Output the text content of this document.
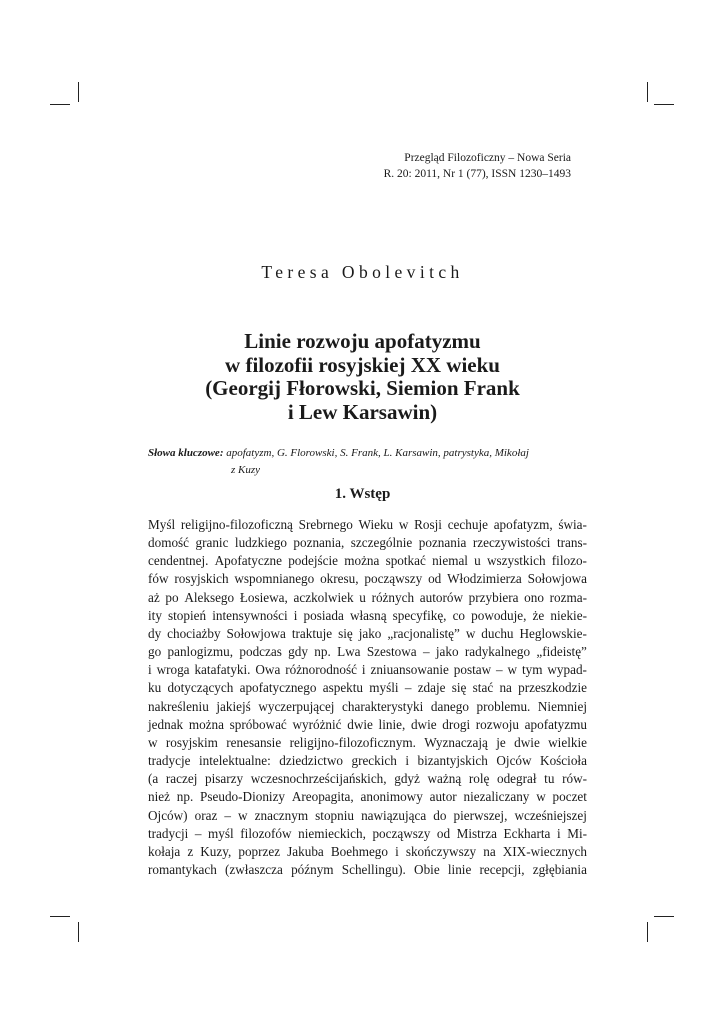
Przegląd Filozoficzny – Nowa Seria
R. 20: 2011, Nr 1 (77), ISSN 1230–1493
Teresa Obolevitch
Linie rozwoju apofatyzmu
w filozofii rosyjskiej XX wieku
(Georgij Fłorowski, Siemion Frank
i Lew Karsawin)
Słowa kluczowe: apofatyzm, G. Florowski, S. Frank, L. Karsawin, patrystyka, Mikołaj
z Kuzy
1. Wstęp
Myśl religijno-filozoficzną Srebrnego Wieku w Rosji cechuje apofatyzm, świa-
domość granic ludzkiego poznania, szczególnie poznania rzeczywistości trans-
cendentnej. Apofatyczne podejście można spotkać niemal u wszystkich filozo-
fów rosyjskich wspomnianego okresu, począwszy od Włodzimierza Sołowjowa
aż po Aleksego Łosiewa, aczkolwiek u różnych autorów przybiera ono rozma-
ity stopień intensywności i posiada własną specyfikę, co powoduje, że niekie-
dy chociażby Sołowjowa traktuje się jako „racjonalistę” w duchu Heglowskie-
go panlogizmu, podczas gdy np. Lwa Szestowa – jako radykalnego „fideistę”
i wroga katafatyki. Owa różnorodność i zniuansowanie postaw – w tym wypad-
ku dotyczących apofatycznego aspektu myśli – zdaje się stać na przeszkodzie
nakreśleniu jakiejś wyczerpującej charakterystyki danego problemu. Niemniej
jednak można spróbować wyróżnić dwie linie, dwie drogi rozwoju apofatyzmu
w rosyjskim renesansie religijno-filozoficznym. Wyznaczają je dwie wielkie
tradycje intelektualne: dziedzictwo greckich i bizantyjskich Ojców Kościoła
(a raczej pisarzy wczesnochrześcijańskich, gdyż ważną rolę odegrał tu rów-
nież np. Pseudo-Dionizy Areopagita, anonimowy autor niezaliczany w poczet
Ojców) oraz – w znacznym stopniu nawiązująca do pierwszej, wcześniejszej
tradycji – myśl filozofów niemieckich, począwszy od Mistrza Eckharta i Mi-
kołaja z Kuzy, poprzez Jakuba Boehmego i skończywszy na XIX-wiecznych
romantykach (zwłaszcza późnym Schellingu). Obie linie recepcji, zgłębiania
